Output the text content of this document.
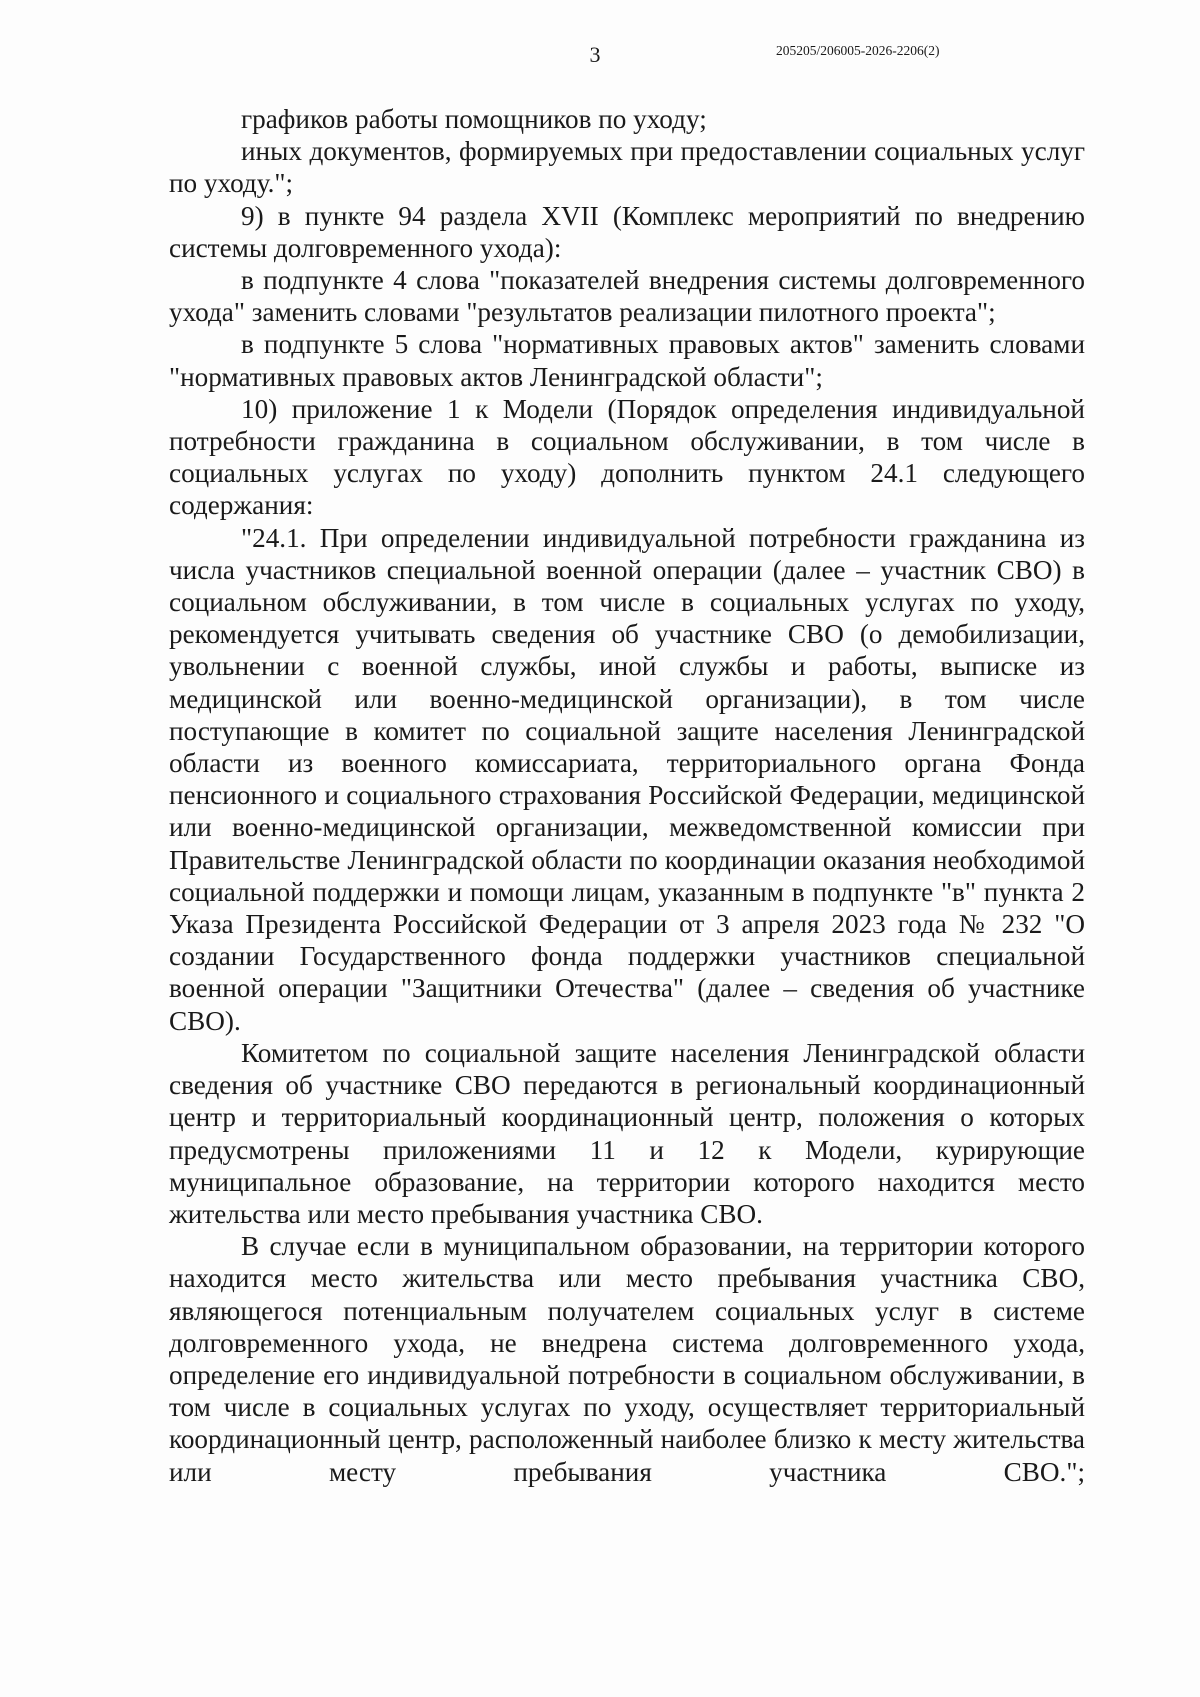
3	205205/206005-2026-2206(2)

графиков работы помощников по уходу;

иных документов, формируемых при предоставлении социальных услуг по уходу.";

9) в пункте 94 раздела XVII (Комплекс мероприятий по внедрению системы долговременного ухода):

в подпункте 4 слова "показателей внедрения системы долговременного ухода" заменить словами "результатов реализации пилотного проекта";

в подпункте 5 слова "нормативных правовых актов" заменить словами "нормативных правовых актов Ленинградской области";

10) приложение 1 к Модели (Порядок определения индивидуальной потребности гражданина в социальном обслуживании, в том числе в социальных услугах по уходу) дополнить пунктом 24.1 следующего содержания:

"24.1. При определении индивидуальной потребности гражданина из числа участников специальной военной операции (далее – участник СВО) в социальном обслуживании, в том числе в социальных услугах по уходу, рекомендуется учитывать сведения об участнике СВО (о демобилизации, увольнении с военной службы, иной службы и работы, выписке из медицинской или военно-медицинской организации), в том числе поступающие в комитет по социальной защите населения Ленинградской области из военного комиссариата, территориального органа Фонда пенсионного и социального страхования Российской Федерации, медицинской или военно-медицинской организации, межведомственной комиссии при Правительстве Ленинградской области по координации оказания необходимой социальной поддержки и помощи лицам, указанным в подпункте "в" пункта 2 Указа Президента Российской Федерации от 3 апреля 2023 года № 232 "О создании Государственного фонда поддержки участников специальной военной операции "Защитники Отечества" (далее – сведения об участнике СВО).

Комитетом по социальной защите населения Ленинградской области сведения об участнике СВО передаются в региональный координационный центр и территориальный координационный центр, положения о которых предусмотрены приложениями 11 и 12 к Модели, курирующие муниципальное образование, на территории которого находится место жительства или место пребывания участника СВО.

В случае если в муниципальном образовании, на территории которого находится место жительства или место пребывания участника СВО, являющегося потенциальным получателем социальных услуг в системе долговременного ухода, не внедрена система долговременного ухода, определение его индивидуальной потребности в социальном обслуживании, в том числе в социальных услугах по уходу, осуществляет территориальный координационный центр, расположенный наиболее близко к месту жительства или месту пребывания участника СВО.";
